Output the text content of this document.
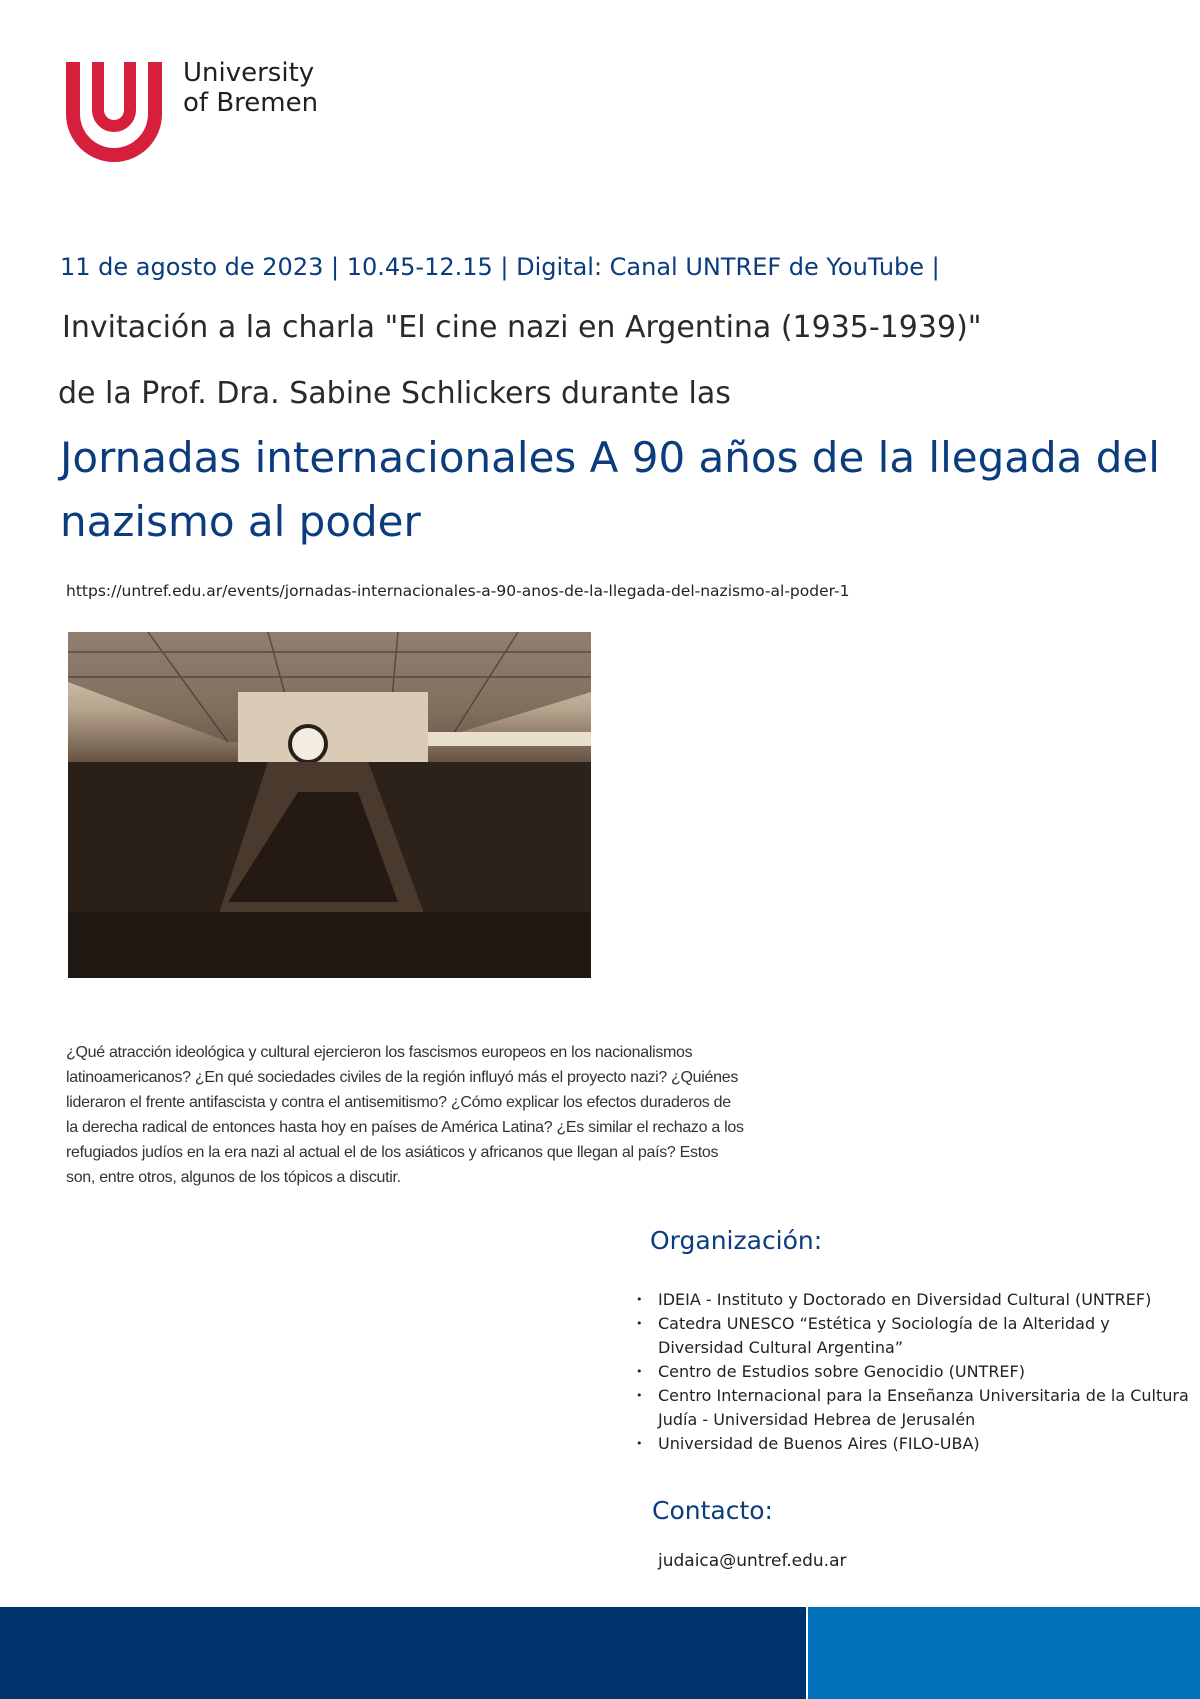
University
of Bremen
11 de agosto de 2023 | 10.45-12.15 | Digital: Canal UNTREF de YouTube |
Invitación a la charla "El cine nazi en Argentina (1935-1939)"
de la Prof. Dra. Sabine Schlickers durante las
Jornadas internacionales A 90 años de la llegada del nazismo al poder
https://untref.edu.ar/events/jornadas-internacionales-a-90-anos-de-la-llegada-del-nazismo-al-poder-1
¿Qué atracción ideológica y cultural ejercieron los fascismos europeos en los nacionalismos latinoamericanos? ¿En qué sociedades civiles de la región influyó más el proyecto nazi? ¿Quiénes lideraron el frente antifascista y contra el antisemitismo? ¿Cómo explicar los efectos duraderos de la derecha radical de entonces hasta hoy en países de América Latina? ¿Es similar el rechazo a los refugiados judíos en la era nazi al actual el de los asiáticos y africanos que llegan al país? Estos son, entre otros, algunos de los tópicos a discutir.
Organización:
• IDEIA - Instituto y Doctorado en Diversidad Cultural (UNTREF)
• Catedra UNESCO “Estética y Sociología de la Alteridad y Diversidad Cultural Argentina”
• Centro de Estudios sobre Genocidio (UNTREF)
• Centro Internacional para la Enseñanza Universitaria de la Cultura Judía - Universidad Hebrea de Jerusalén
• Universidad de Buenos Aires (FILO-UBA)
Contacto:
judaica@untref.edu.ar
